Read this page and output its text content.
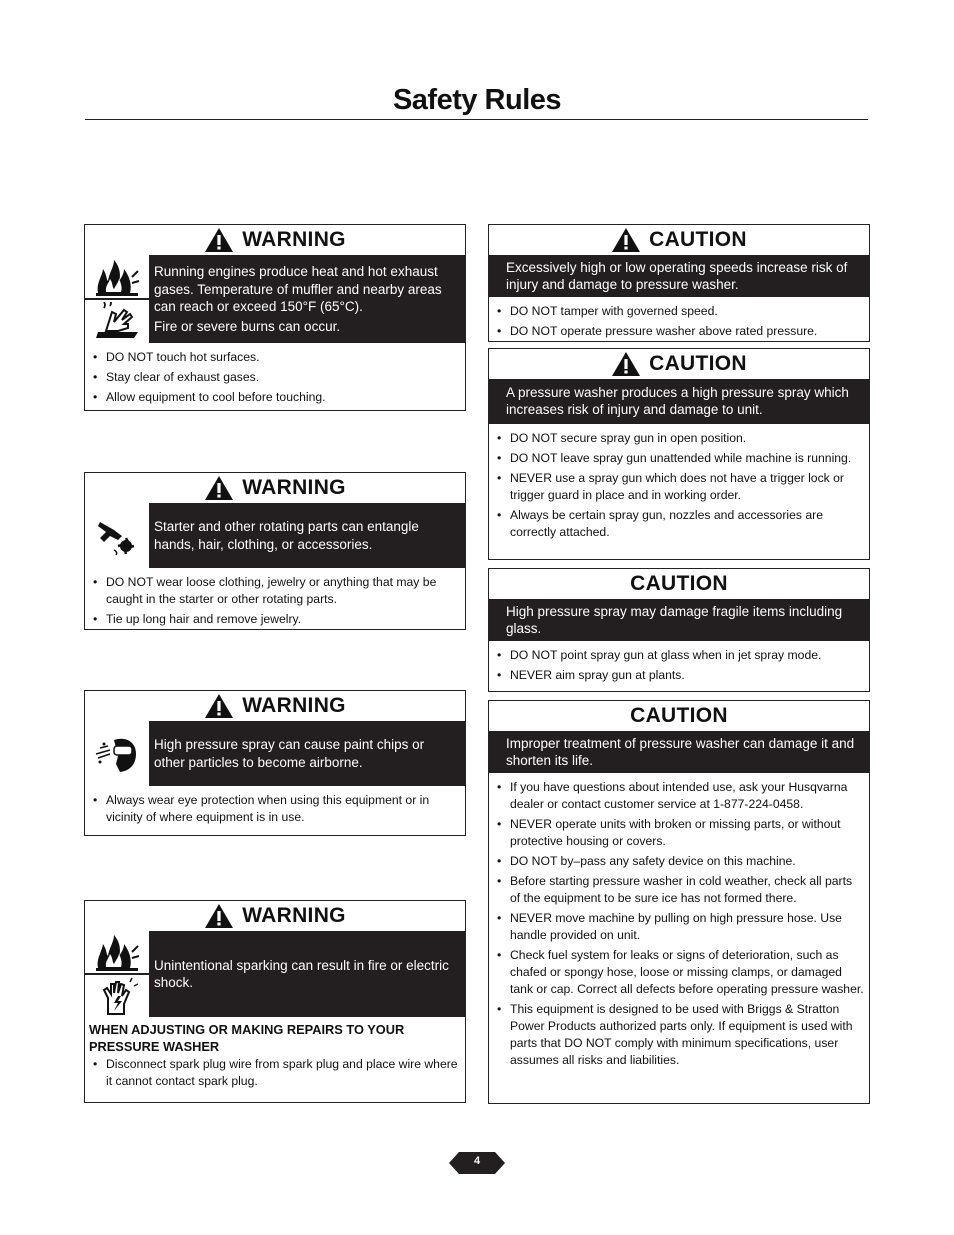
Safety Rules
WARNING

Running engines produce heat and hot exhaust gases. Temperature of muffler and nearby areas can reach or exceed 150°F (65°C).

Fire or severe burns can occur.

• DO NOT touch hot surfaces.
• Stay clear of exhaust gases.
• Allow equipment to cool before touching.
WARNING

Starter and other rotating parts can entangle hands, hair, clothing, or accessories.

• DO NOT wear loose clothing, jewelry or anything that may be caught in the starter or other rotating parts.
• Tie up long hair and remove jewelry.
WARNING

High pressure spray can cause paint chips or other particles to become airborne.

• Always wear eye protection when using this equipment or in vicinity of where equipment is in use.
WARNING

Unintentional sparking can result in fire or electric shock.

WHEN ADJUSTING OR MAKING REPAIRS TO YOUR PRESSURE WASHER
• Disconnect spark plug wire from spark plug and place wire where it cannot contact spark plug.
CAUTION
Excessively high or low operating speeds increase risk of injury and damage to pressure washer.
• DO NOT tamper with governed speed.
• DO NOT operate pressure washer above rated pressure.
CAUTION
A pressure washer produces a high pressure spray which increases risk of injury and damage to unit.
• DO NOT secure spray gun in open position.
• DO NOT leave spray gun unattended while machine is running.
• NEVER use a spray gun which does not have a trigger lock or trigger guard in place and in working order.
• Always be certain spray gun, nozzles and accessories are correctly attached.
CAUTION
High pressure spray may damage fragile items including glass.
• DO NOT point spray gun at glass when in jet spray mode.
• NEVER aim spray gun at plants.
CAUTION
Improper treatment of pressure washer can damage it and shorten its life.
• If you have questions about intended use, ask your Husqvarna dealer or contact customer service at 1-877-224-0458.
• NEVER operate units with broken or missing parts, or without protective housing or covers.
• DO NOT by–pass any safety device on this machine.
• Before starting pressure washer in cold weather, check all parts of the equipment to be sure ice has not formed there.
• NEVER move machine by pulling on high pressure hose. Use handle provided on unit.
• Check fuel system for leaks or signs of deterioration, such as chafed or spongy hose, loose or missing clamps, or damaged tank or cap. Correct all defects before operating pressure washer.
• This equipment is designed to be used with Briggs & Stratton Power Products authorized parts only. If equipment is used with parts that DO NOT comply with minimum specifications, user assumes all risks and liabilities.
4
